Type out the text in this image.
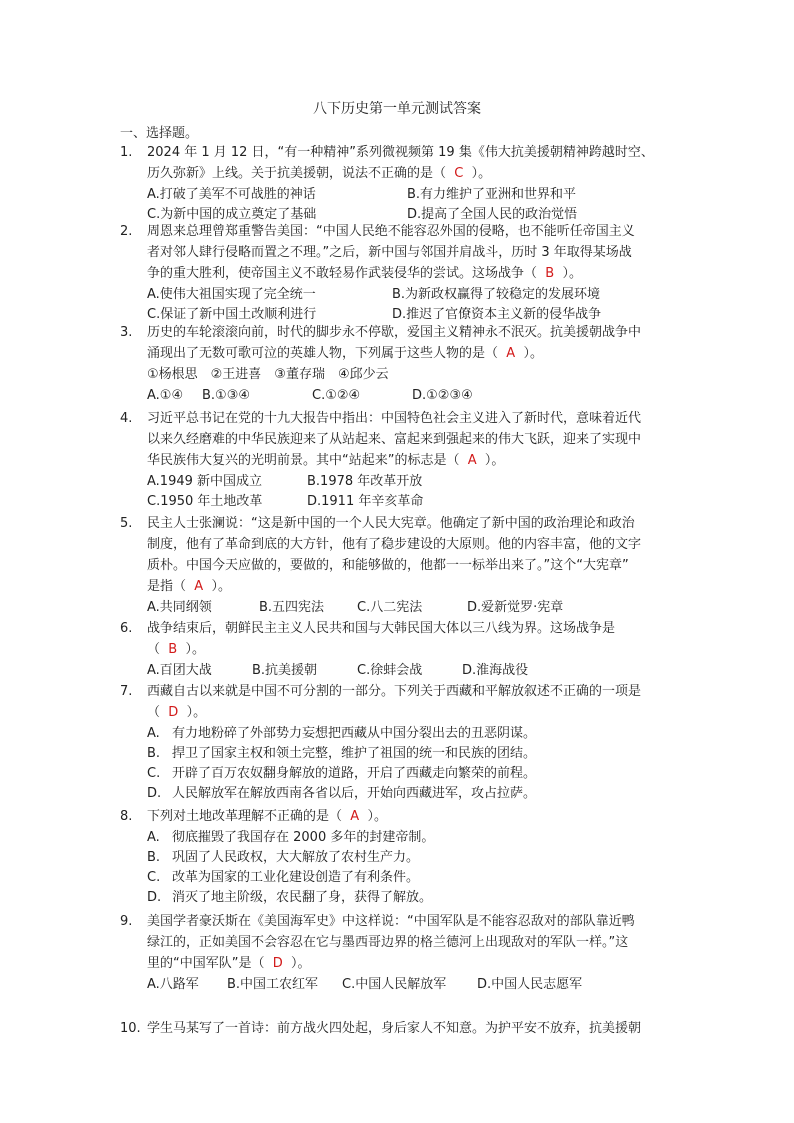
八下历史第一单元测试答案
一、选择题。
1.	2024 年 1 月 12 日，“有一种精神”系列微视频第 19 集《伟大抗美援朝精神跨越时空、
历久弥新》上线。关于抗美援朝，说法不正确的是（  C  ）。
A.打破了美军不可战胜的神话	B.有力维护了亚洲和世界和平
C.为新中国的成立奠定了基础	D.提高了全国人民的政治觉悟
2.	周恩来总理曾郑重警告美国：“中国人民绝不能容忍外国的侵略，也不能听任帝国主义
者对邻人肆行侵略而置之不理。”之后，新中国与邻国并肩战斗，历时 3 年取得某场战
争的重大胜利，使帝国主义不敢轻易作武装侵华的尝试。这场战争（  B  ）。
A.使伟大祖国实现了完全统一	B.为新政权赢得了较稳定的发展环境
C.保证了新中国土改顺利进行	D.推迟了官僚资本主义新的侵华战争
3.	历史的车轮滚滚向前，时代的脚步永不停歇，爱国主义精神永不泯灭。抗美援朝战争中
涌现出了无数可歌可泣的英雄人物，下列属于这些人物的是（  A  ）。
①杨根思　②王进喜　③董存瑞　④邱少云
A.①④ B.①③④	C.①②④	D.①②③④
4.	习近平总书记在党的十九大报告中指出：中国特色社会主义进入了新时代，意味着近代
以来久经磨难的中华民族迎来了从站起来、富起来到强起来的伟大飞跃，迎来了实现中
华民族伟大复兴的光明前景。其中“站起来”的标志是（  A  ）。
A.1949 新中国成立	B.1978 年改革开放
C.1950 年土地改革	D.1911 年辛亥革命
5.	民主人士张澜说：“这是新中国的一个人民大宪章。他确定了新中国的政治理论和政治
制度，他有了革命到底的大方针，他有了稳步建设的大原则。他的内容丰富，他的文字
质朴。中国今天应做的，要做的，和能够做的，他都一一标举出来了。”这个“大宪章”
是指（  A  ）。
A.共同纲领	B.五四宪法	C.八二宪法	D.爱新觉罗·宪章
6.	战争结束后，朝鲜民主主义人民共和国与大韩民国大体以三八线为界。这场战争是
（  B  ）。
A.百团大战	B.抗美援朝	C.徐蚌会战	D.淮海战役
7.	西藏自古以来就是中国不可分割的一部分。下列关于西藏和平解放叙述不正确的一项是
（  D  ）。
A. 有力地粉碎了外部势力妄想把西藏从中国分裂出去的丑恶阴谋。
B. 捍卫了国家主权和领土完整，维护了祖国的统一和民族的团结。
C. 开辟了百万农奴翻身解放的道路，开启了西藏走向繁荣的前程。
D. 人民解放军在解放西南各省以后，开始向西藏进军，攻占拉萨。
8.	下列对土地改革理解不正确的是（  A  ）。
A. 彻底摧毁了我国存在 2000 多年的封建帝制。
B. 巩固了人民政权，大大解放了农村生产力。
C. 改革为国家的工业化建设创造了有利条件。
D. 消灭了地主阶级，农民翻了身，获得了解放。
9.	美国学者豪沃斯在《美国海军史》中这样说：“中国军队是不能容忍敌对的部队靠近鸭
绿江的，正如美国不会容忍在它与墨西哥边界的格兰德河上出现敌对的军队一样。”这
里的“中国军队”是（  D  ）。
A.八路军 B.中国工农红军 C.中国人民解放军 D.中国人民志愿军
10. 学生马某写了一首诗：前方战火四处起，身后家人不知意。为护平安不放弃，抗美援朝
